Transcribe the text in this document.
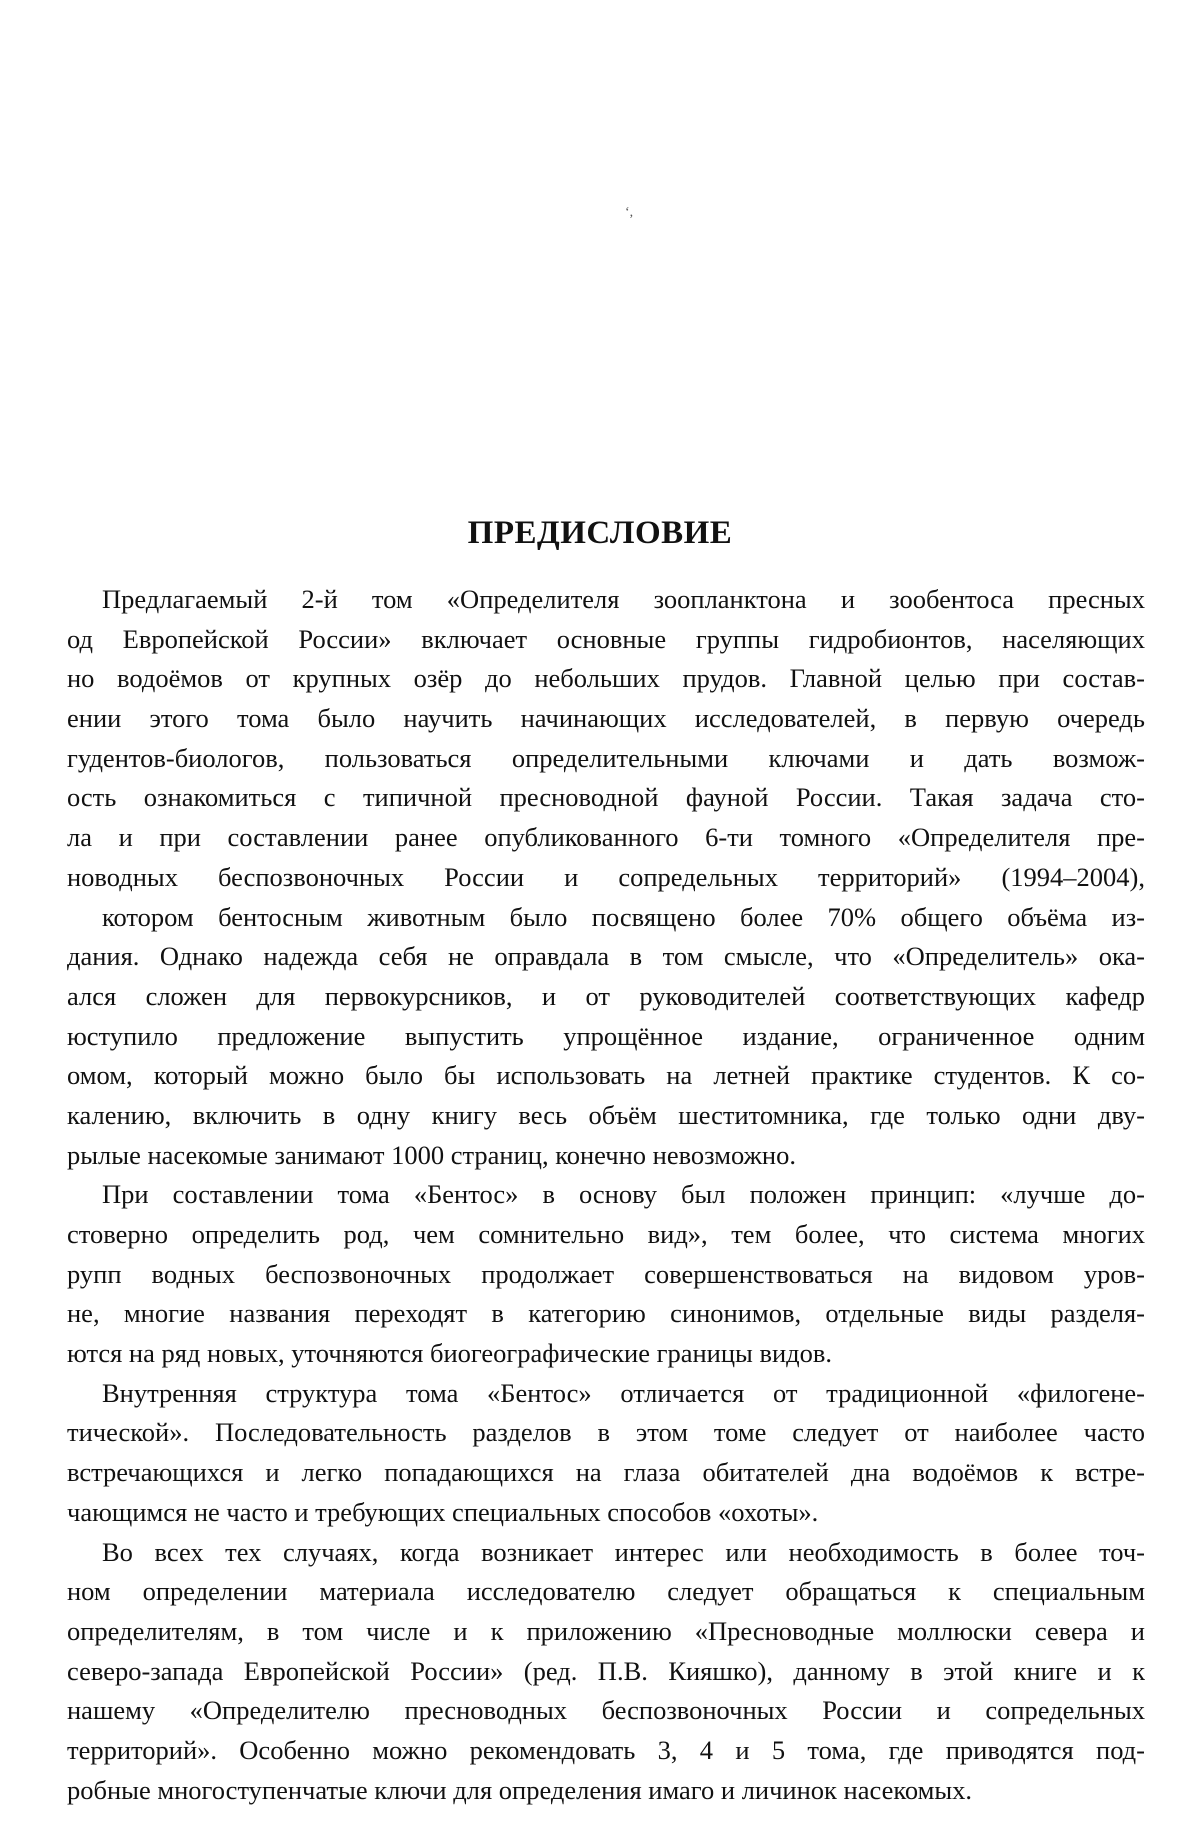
ʻ,
ПРЕДИСЛОВИЕ
Предлагаемый 2-й том «Определителя зоопланктона и зообентоса пресных
од Европейской России» включает основные группы гидробионтов, населяющих
но водоёмов от крупных озёр до небольших прудов. Главной целью при состав-
ении этого тома было научить начинающих исследователей, в первую очередь
гудентов-биологов, пользоваться определительными ключами и дать возмож-
ость ознакомиться с типичной пресноводной фауной России. Такая задача сто-
ла и при составлении ранее опубликованного 6-ти томного «Определителя пре-
новодных беспозвоночных России и сопредельных территорий» (1994–2004),
котором бентосным животным было посвящено более 70% общего объёма из-
дания. Однако надежда себя не оправдала в том смысле, что «Определитель» ока-
ался сложен для первокурсников, и от руководителей соответствующих кафедр
юступило предложение выпустить упрощённое издание, ограниченное одним
омом, который можно было бы использовать на летней практике студентов. К со-
калению, включить в одну книгу весь объём шеститомника, где только одни дву-
рылые насекомые занимают 1000 страниц, конечно невозможно.
При составлении тома «Бентос» в основу был положен принцип: «лучше до-
стоверно определить род, чем сомнительно вид», тем более, что система многих
рупп водных беспозвоночных продолжает совершенствоваться на видовом уров-
не, многие названия переходят в категорию синонимов, отдельные виды разделя-
ются на ряд новых, уточняются биогеографические границы видов.
Внутренняя структура тома «Бентос» отличается от традиционной «филогене-
тической». Последовательность разделов в этом томе следует от наиболее часто
встречающихся и легко попадающихся на глаза обитателей дна водоёмов к встре-
чающимся не часто и требующих специальных способов «охоты».
Во всех тех случаях, когда возникает интерес или необходимость в более точ-
ном определении материала исследователю следует обращаться к специальным
определителям, в том числе и к приложению «Пресноводные моллюски севера и
северо-запада Европейской России» (ред. П.В. Кияшко), данному в этой книге и к
нашему «Определителю пресноводных беспозвоночных России и сопредельных
территорий». Особенно можно рекомендовать 3, 4 и 5 тома, где приводятся под-
робные многоступенчатые ключи для определения имаго и личинок насекомых.
